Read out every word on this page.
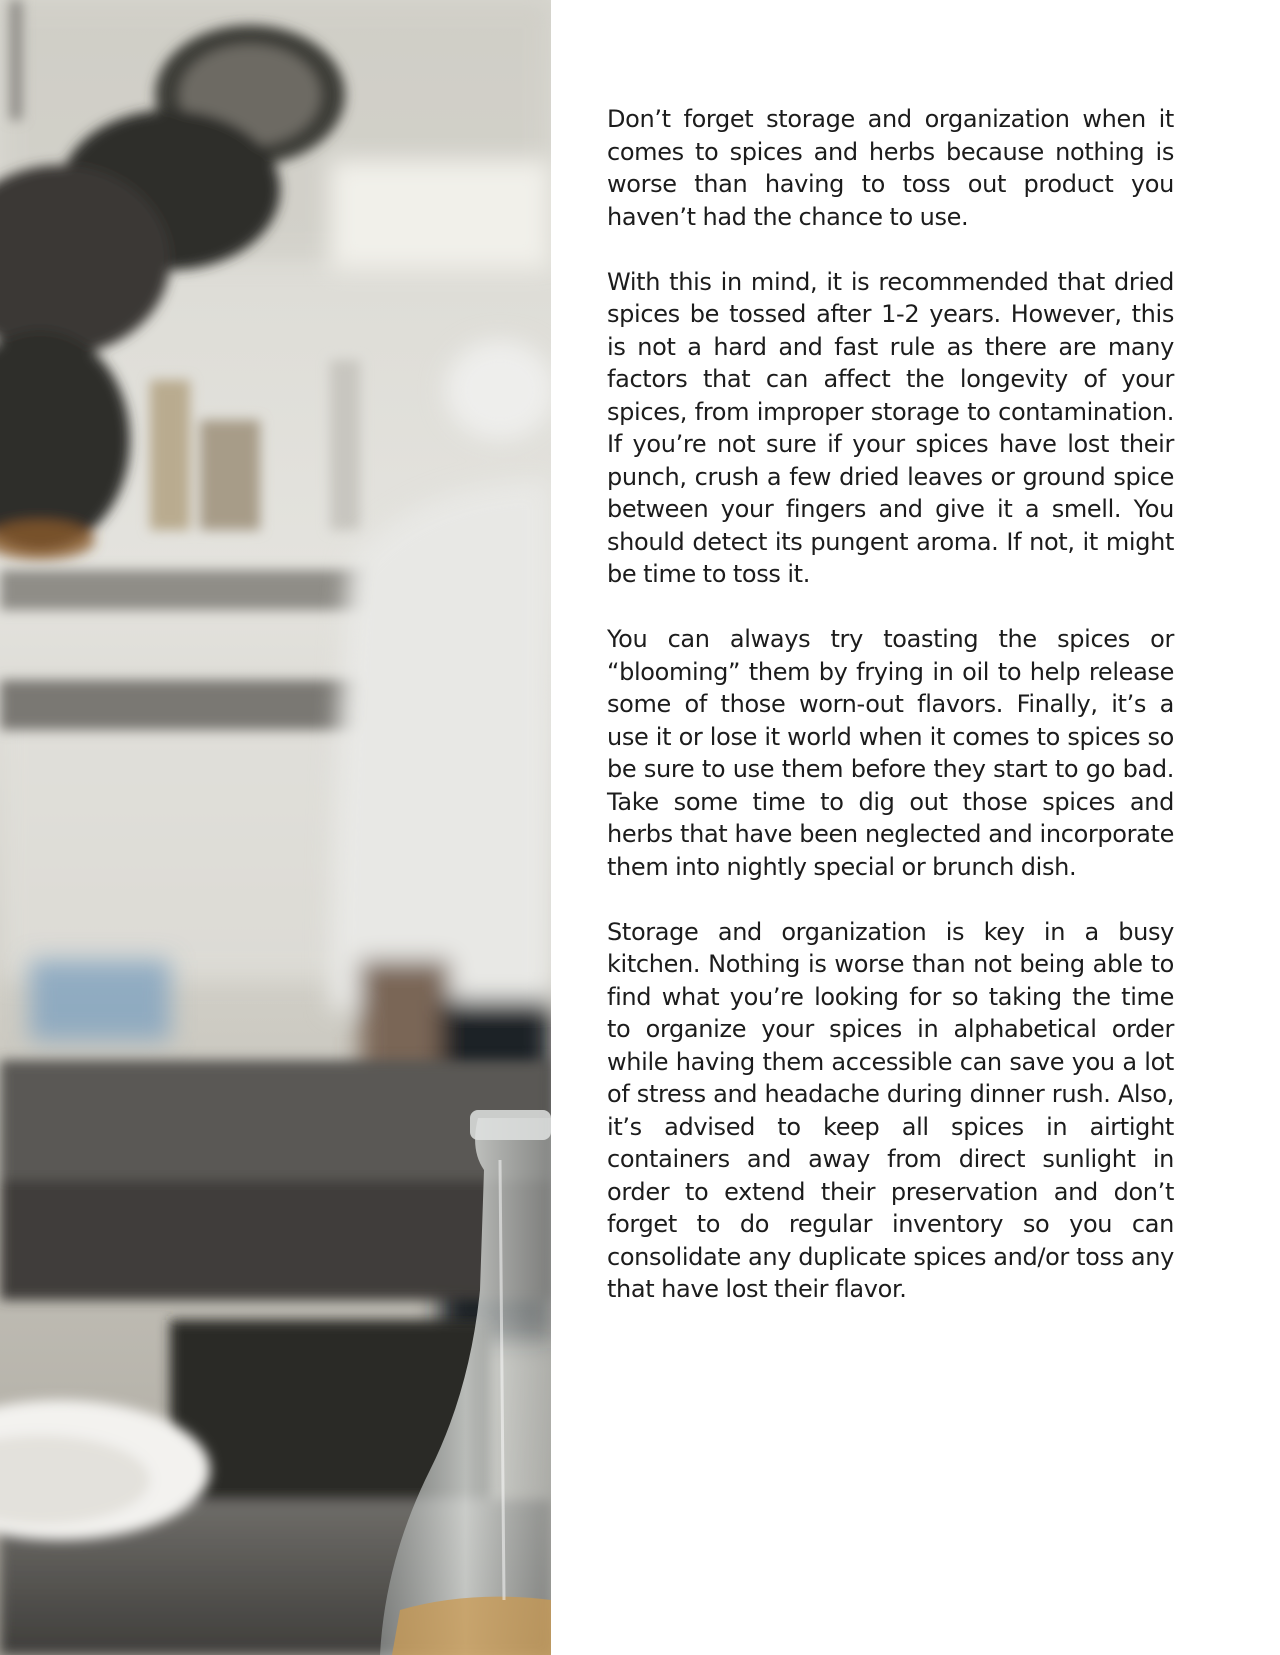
Don’t forget storage and organization when it comes to spices and herbs because nothing is worse than having to toss out product you haven’t had the chance to use.

With this in mind, it is recommended that dried spices be tossed after 1-2 years. However, this is not a hard and fast rule as there are many factors that can affect the longevity of your spices, from improper storage to contamination. If you’re not sure if your spices have lost their punch, crush a few dried leaves or ground spice between your fingers and give it a smell. You should detect its pungent aroma. If not, it might be time to toss it.

You can always try toasting the spices or “blooming” them by frying in oil to help release some of those worn-out flavors. Finally, it’s a use it or lose it world when it comes to spices so be sure to use them before they start to go bad. Take some time to dig out those spices and herbs that have been neglected and incorporate them into nightly special or brunch dish.

Storage and organization is key in a busy kitchen. Nothing is worse than not being able to find what you’re looking for so taking the time to organize your spices in alphabetical order while having them accessible can save you a lot of stress and headache during dinner rush. Also, it’s advised to keep all spices in airtight containers and away from direct sunlight in order to extend their preservation and don’t forget to do regular inventory so you can consolidate any duplicate spices and/or toss any that have lost their flavor.
